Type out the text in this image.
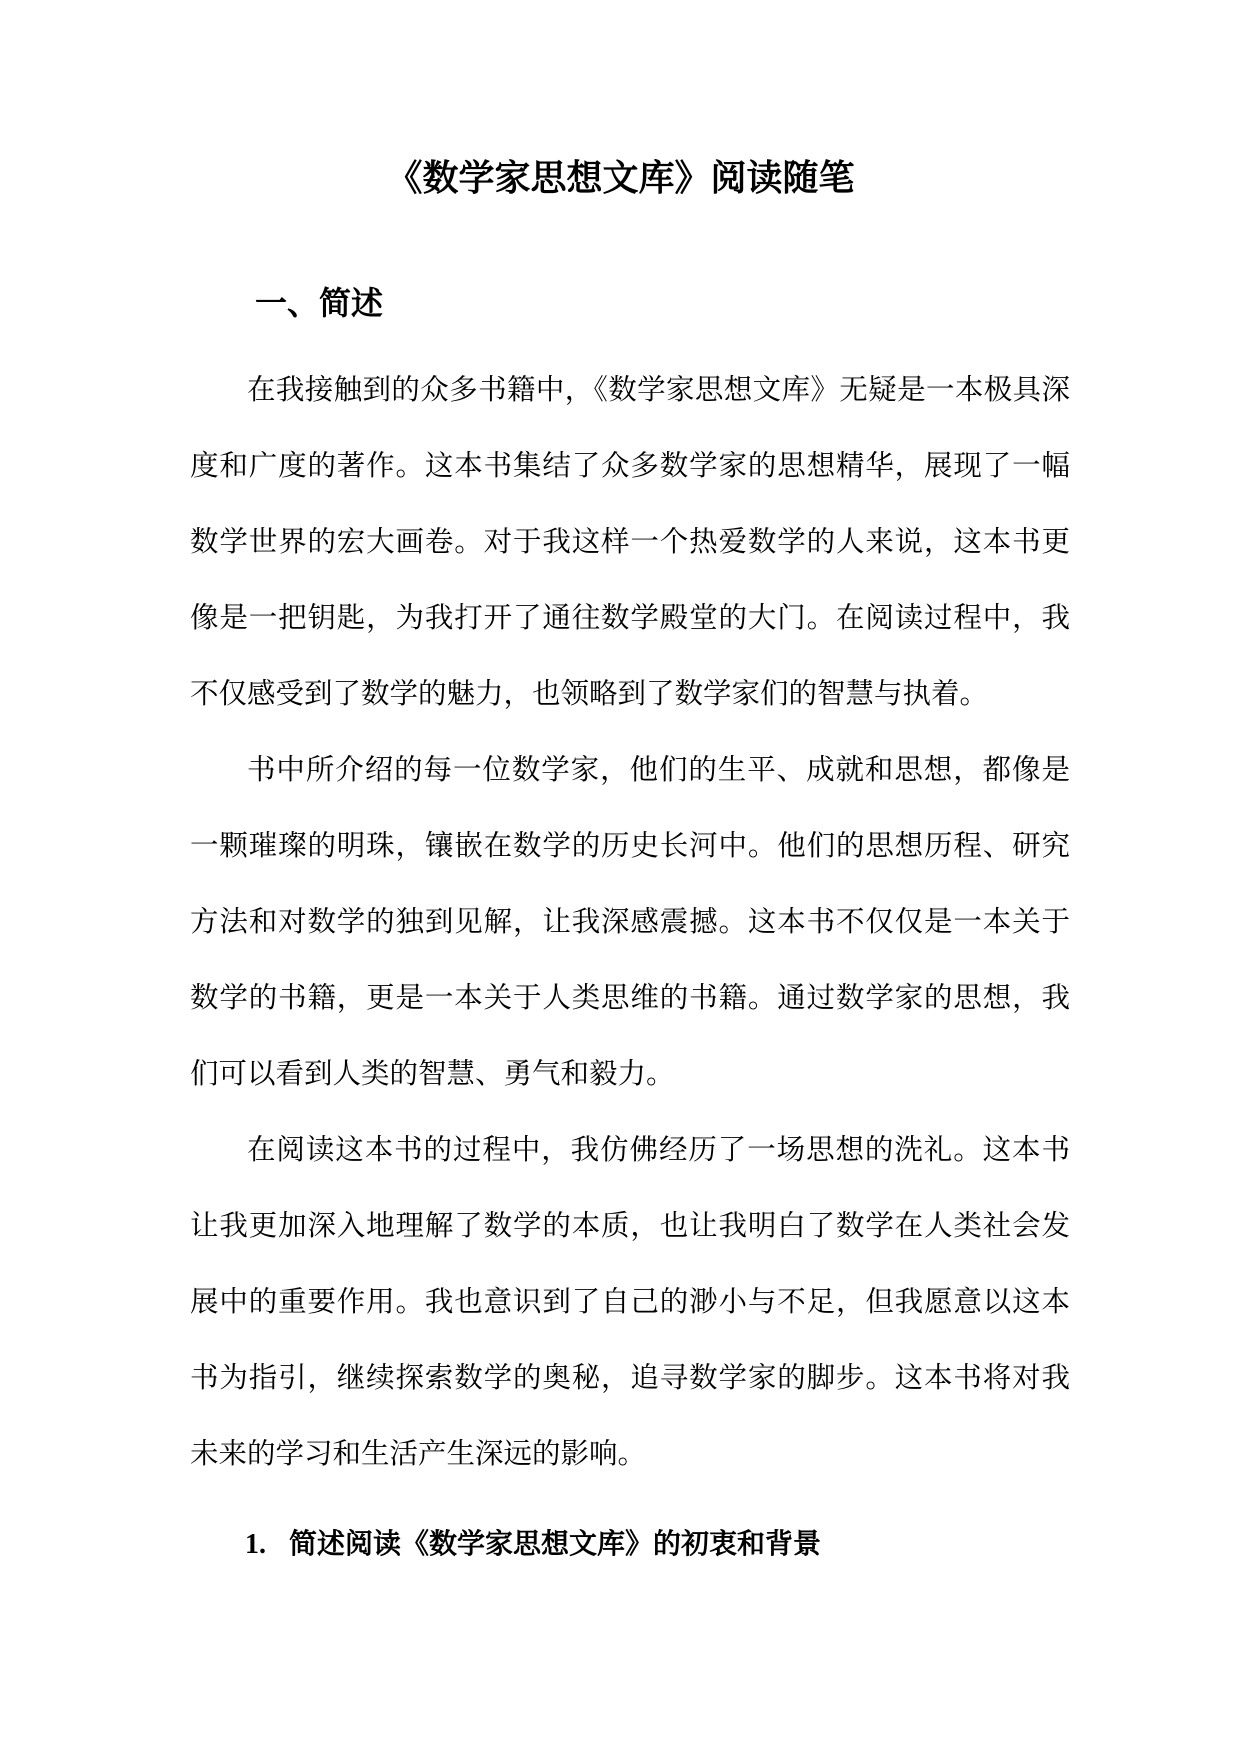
《数学家思想文库》阅读随笔
一、简述

在我接触到的众多书籍中，《数学家思想文库》无疑是一本极具深度和广度的著作。这本书集结了众多数学家的思想精华，展现了一幅数学世界的宏大画卷。对于我这样一个热爱数学的人来说，这本书更像是一把钥匙，为我打开了通往数学殿堂的大门。在阅读过程中，我不仅感受到了数学的魅力，也领略到了数学家们的智慧与执着。

书中所介绍的每一位数学家，他们的生平、成就和思想，都像是一颗璀璨的明珠，镶嵌在数学的历史长河中。他们的思想历程、研究方法和对数学的独到见解，让我深感震撼。这本书不仅仅是一本关于数学的书籍，更是一本关于人类思维的书籍。通过数学家的思想，我们可以看到人类的智慧、勇气和毅力。

在阅读这本书的过程中，我仿佛经历了一场思想的洗礼。这本书让我更加深入地理解了数学的本质，也让我明白了数学在人类社会发展中的重要作用。我也意识到了自己的渺小与不足，但我愿意以这本书为指引，继续探索数学的奥秘，追寻数学家的脚步。这本书将对我未来的学习和生活产生深远的影响。

1. 简述阅读《数学家思想文库》的初衷和背景
